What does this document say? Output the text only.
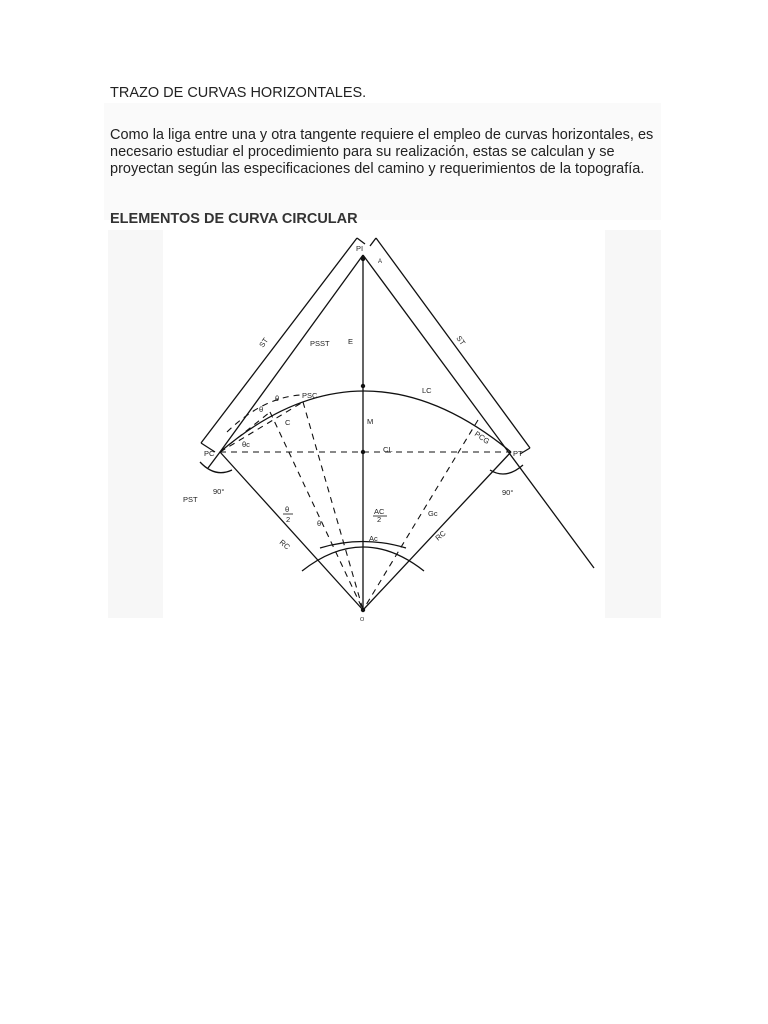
TRAZO DE CURVAS HORIZONTALES.
Como la liga entre una y otra tangente requiere el empleo de curvas horizontales, es necesario estudiar el procedimiento para su realización, estas se calculan y se proyectan según las especificaciones del camino y requerimientos de la topografía.
ELEMENTOS DE CURVA CIRCULAR
PI
A
PC	PT
ST	ST
PSST E
PSC
LC
M
CL
C
θ
θ
θc	PCG
PST
90°	90°
RC
RC
θ
2	θ
AC
2
Ac
Gc
O
